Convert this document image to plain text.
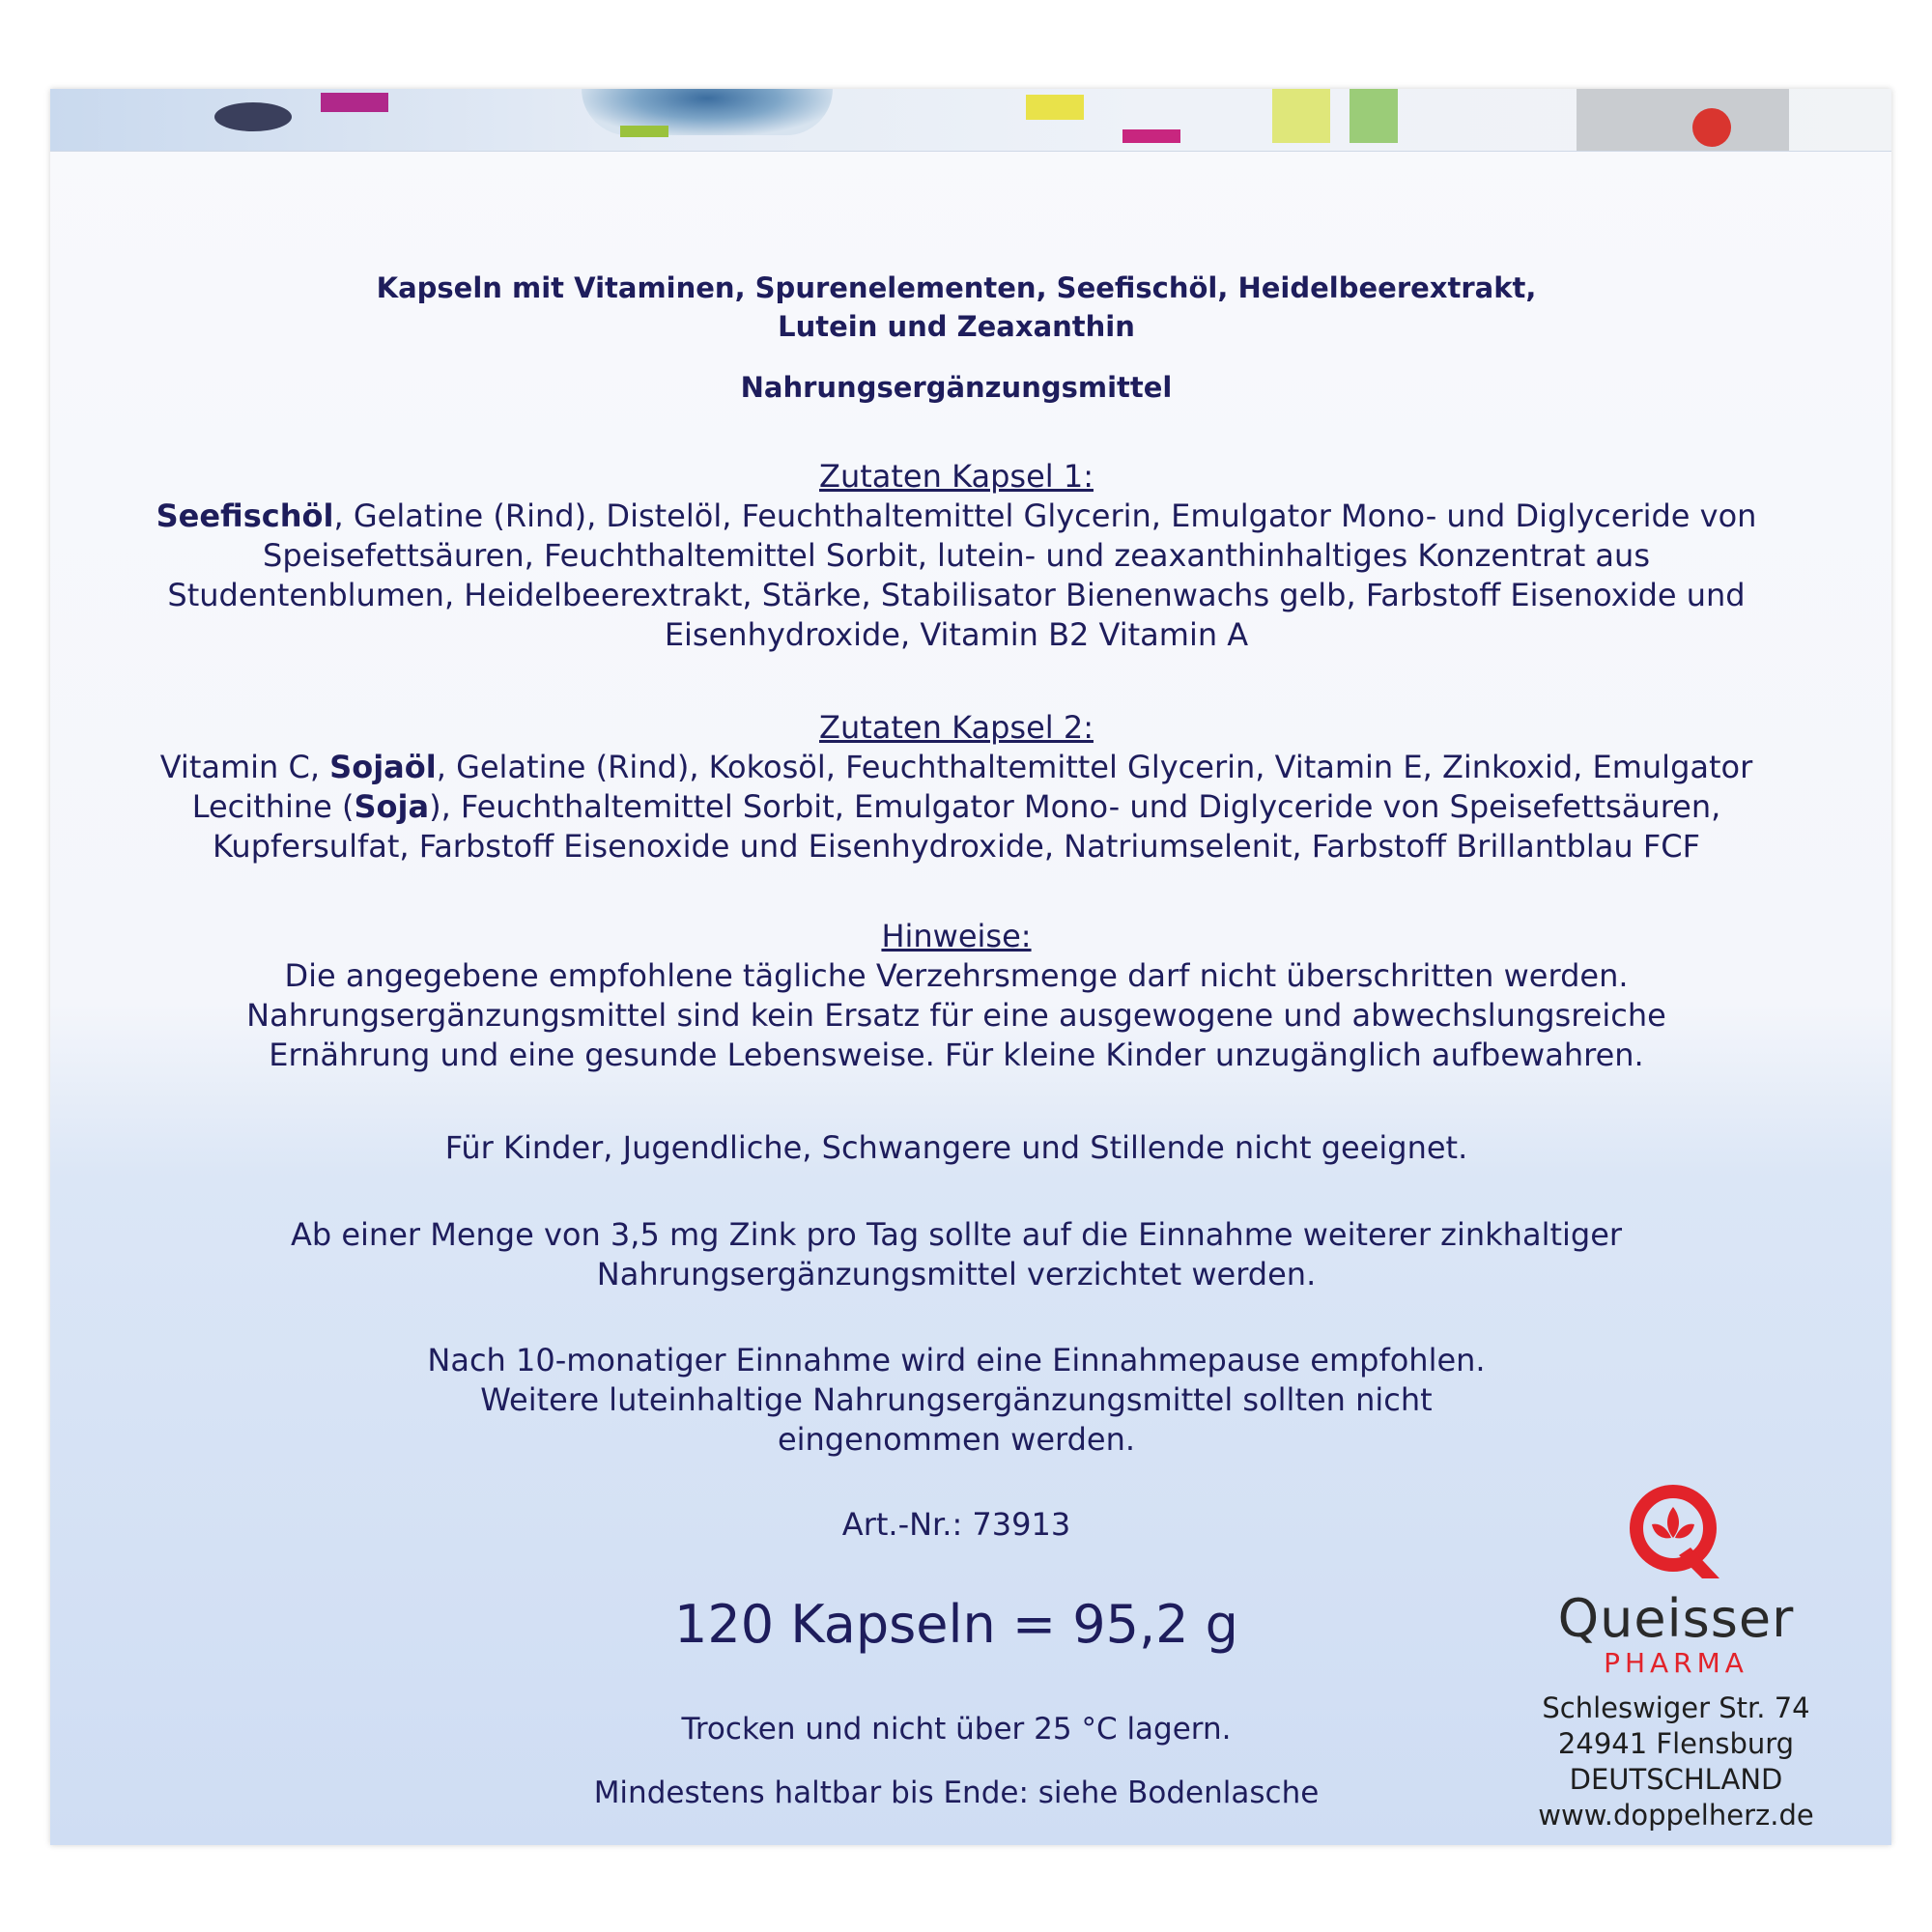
Kapseln mit Vitaminen, Spurenelementen, Seefischöl, Heidelbeerextrakt,
Lutein und Zeaxanthin
Nahrungsergänzungsmittel
Zutaten Kapsel 1:

Seefischöl, Gelatine (Rind), Distelöl, Feuchthaltemittel Glycerin, Emulgator Mono- und Diglyceride von
Speisefettsäuren, Feuchthaltemittel Sorbit, lutein- und zeaxanthinhaltiges Konzentrat aus
Studentenblumen, Heidelbeerextrakt, Stärke, Stabilisator Bienenwachs gelb, Farbstoff Eisenoxide und
Eisenhydroxide, Vitamin B2 Vitamin A

Zutaten Kapsel 2:

Vitamin C, Sojaöl, Gelatine (Rind), Kokosöl, Feuchthaltemittel Glycerin, Vitamin E, Zinkoxid, Emulgator
Lecithine (Soja), Feuchthaltemittel Sorbit, Emulgator Mono- und Diglyceride von Speisefettsäuren,
Kupfersulfat, Farbstoff Eisenoxide und Eisenhydroxide, Natriumselenit, Farbstoff Brillantblau FCF

Hinweise:

Die angegebene empfohlene tägliche Verzehrsmenge darf nicht überschritten werden.
Nahrungsergänzungsmittel sind kein Ersatz für eine ausgewogene und abwechslungsreiche
Ernährung und eine gesunde Lebensweise. Für kleine Kinder unzugänglich aufbewahren.

Für Kinder, Jugendliche, Schwangere und Stillende nicht geeignet.

Ab einer Menge von 3,5 mg Zink pro Tag sollte auf die Einnahme weiterer zinkhaltiger
Nahrungsergänzungsmittel verzichtet werden.

Nach 10-monatiger Einnahme wird eine Einnahmepause empfohlen.
Weitere luteinhaltige Nahrungsergänzungsmittel sollten nicht
eingenommen werden.

Art.-Nr.: 73913
120 Kapseln = 95,2 g
Trocken und nicht über 25 °C lagern.
Mindestens haltbar bis Ende: siehe Bodenlasche
Queisser
PHARMA
Schleswiger Str. 74
24941 Flensburg
DEUTSCHLAND
www.doppelherz.de
